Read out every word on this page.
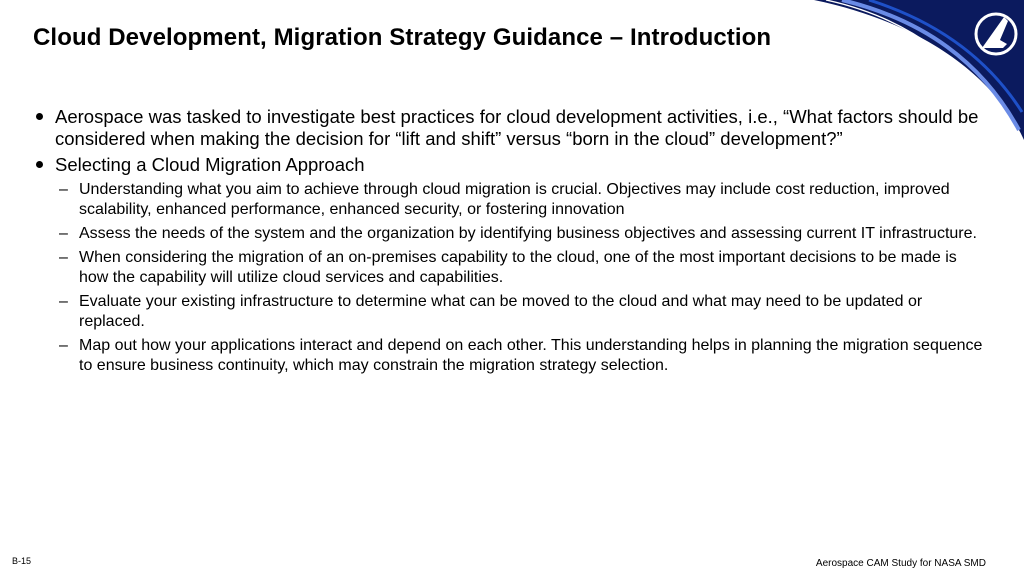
Cloud Development, Migration Strategy Guidance – Introduction
Aerospace was tasked to investigate best practices for cloud development activities, i.e., “What factors should be considered when making the decision for “lift and shift” versus “born in the cloud” development?”
Selecting a Cloud Migration Approach
– Understanding what you aim to achieve through cloud migration is crucial. Objectives may include cost reduction, improved scalability, enhanced performance, enhanced security, or fostering innovation
– Assess the needs of the system and the organization by identifying business objectives and assessing current IT infrastructure.
– When considering the migration of an on-premises capability to the cloud, one of the most important decisions to be made is how the capability will utilize cloud services and capabilities.
– Evaluate your existing infrastructure to determine what can be moved to the cloud and what may need to be updated or replaced.
– Map out how your applications interact and depend on each other. This understanding helps in planning the migration sequence to ensure business continuity, which may constrain the migration strategy selection.
B-15	Aerospace CAM Study for NASA SMD
